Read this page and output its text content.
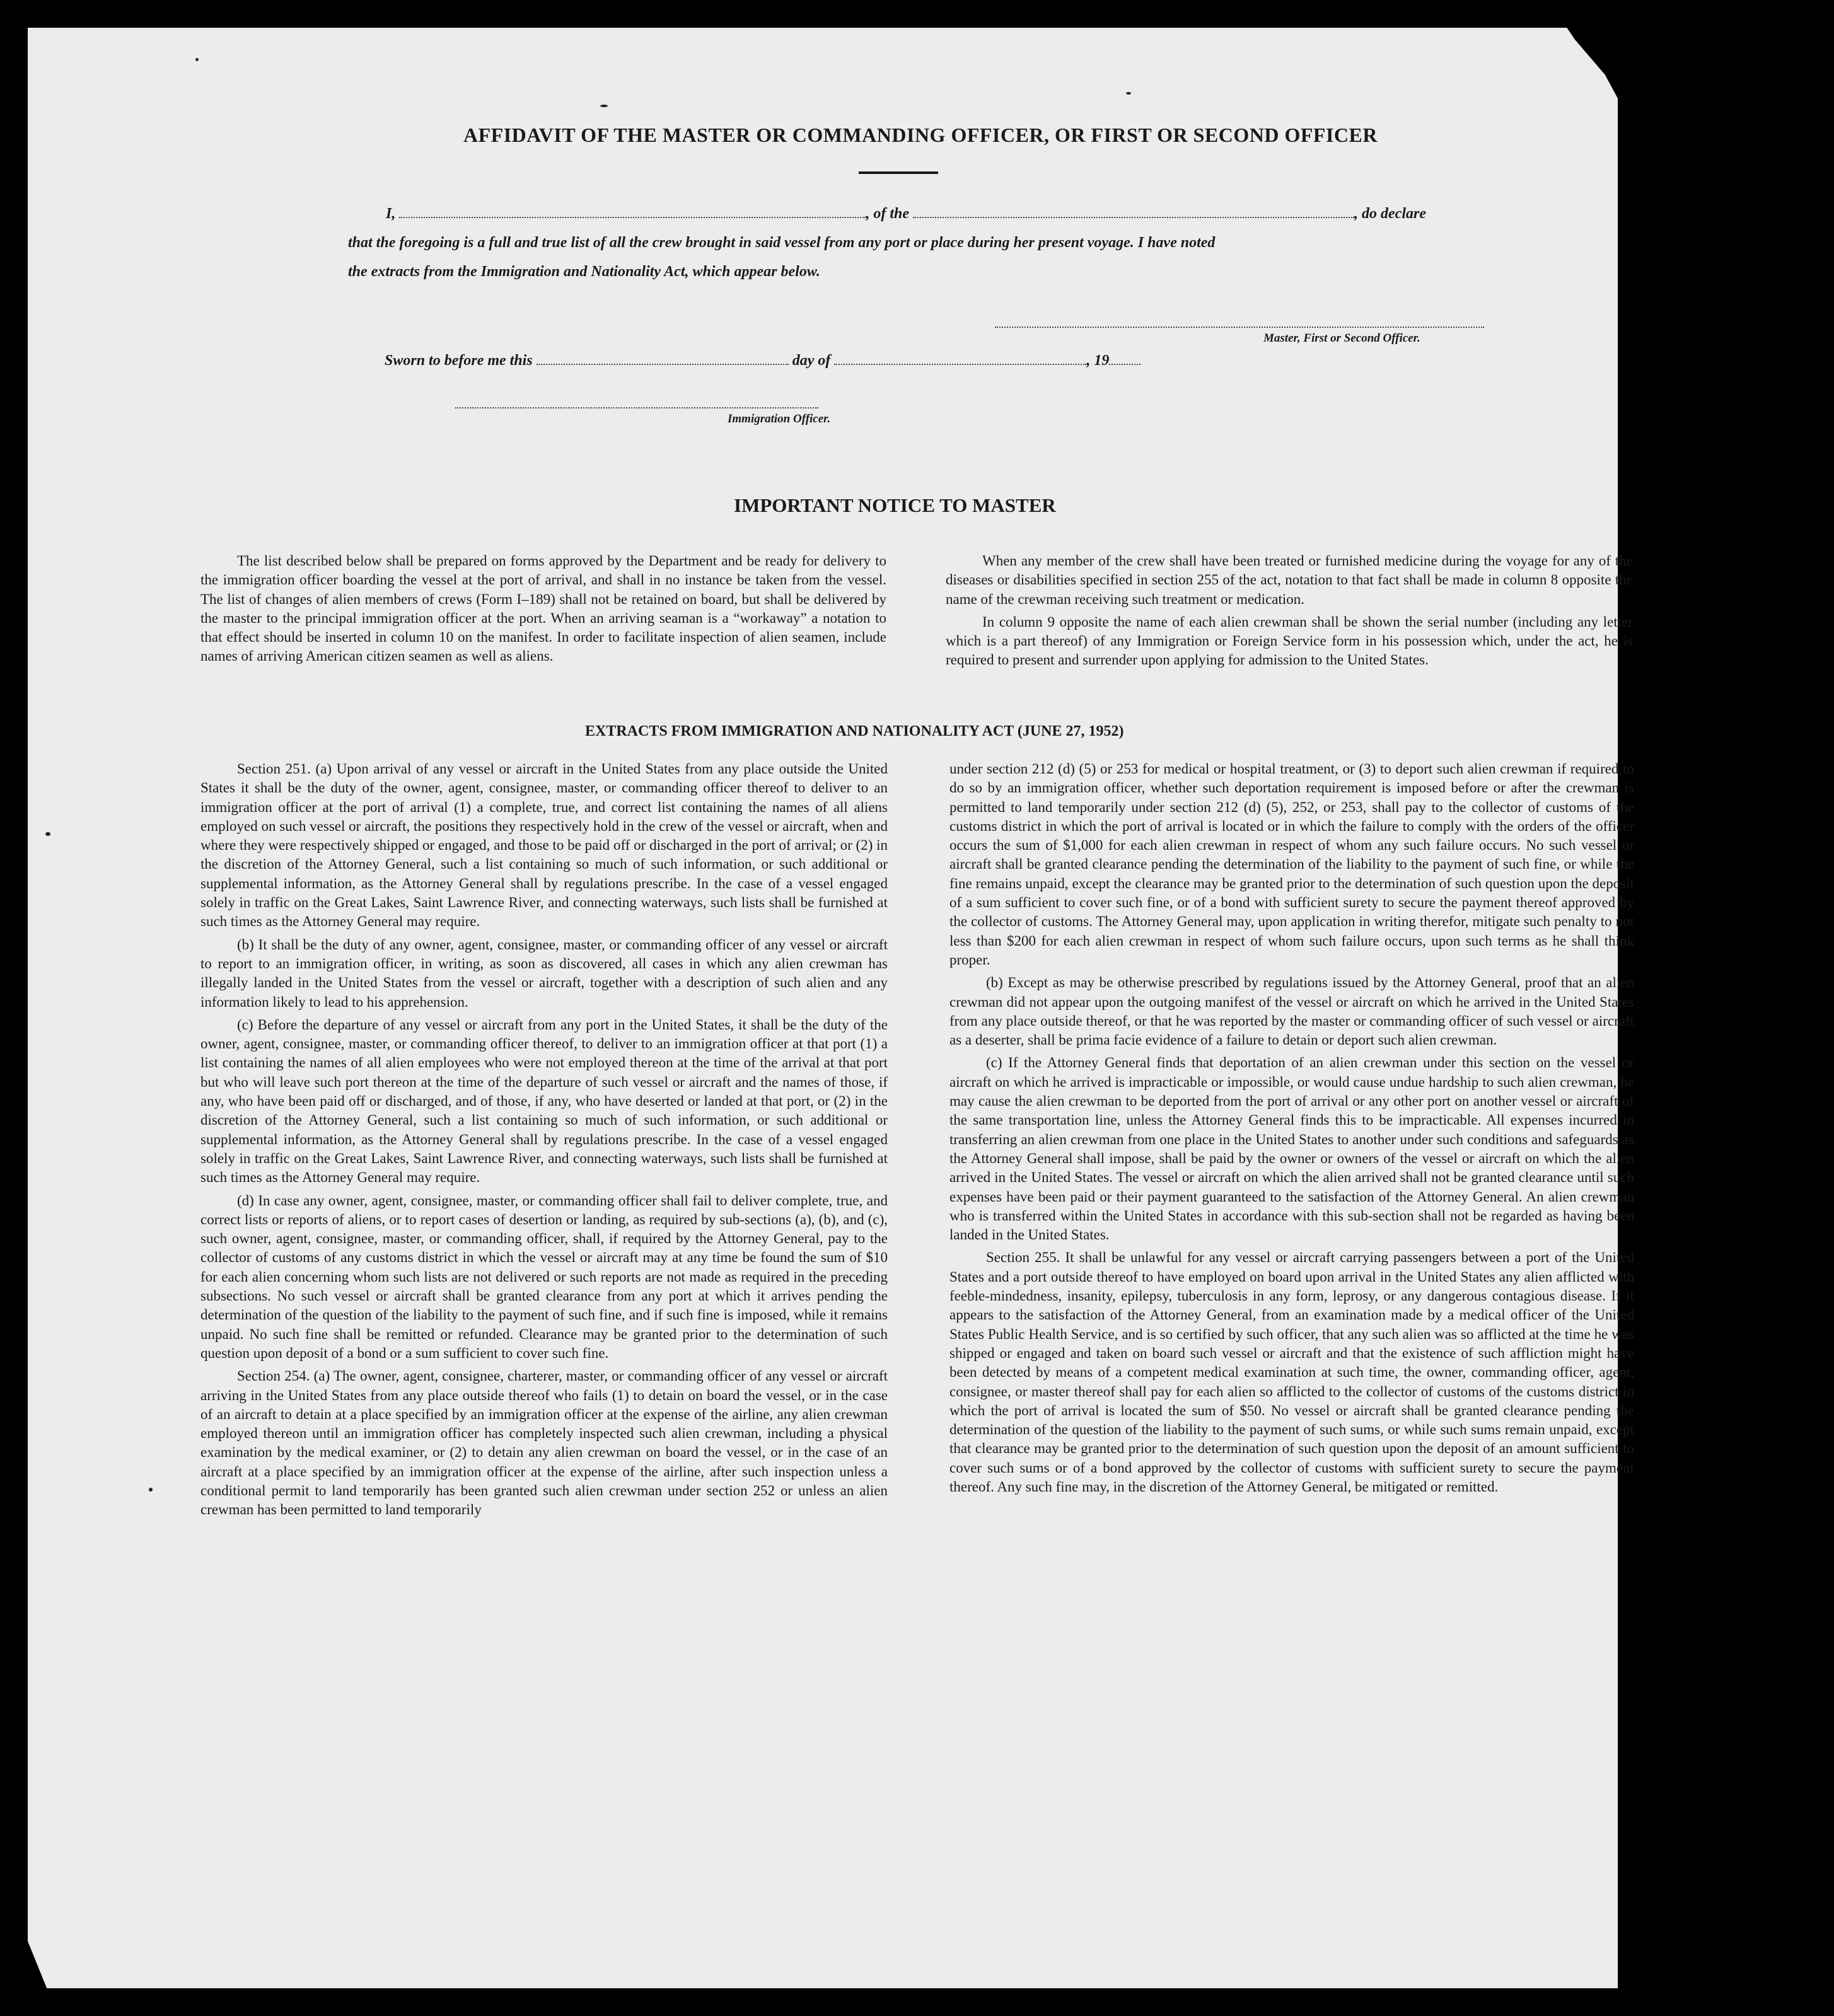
AFFIDAVIT OF THE MASTER OR COMMANDING OFFICER, OR FIRST OR SECOND OFFICER
I,	, of the	, do declare
that the foregoing is a full and true list of all the crew brought in said vessel from any port or place during her present voyage. I have noted
the extracts from the Immigration and Nationality Act, which appear below.
Master, First or Second Officer.
Sworn to before me this	day of	, 19
Immigration Officer.
IMPORTANT NOTICE TO MASTER

The list described below shall be prepared on forms approved by the Department and be ready for delivery to the immigration officer boarding the vessel at the port of arrival, and shall in no instance be taken from the vessel. The list of changes of alien members of crews (Form I–189) shall not be retained on board, but shall be delivered by the master to the principal immigration officer at the port. When an arriving seaman is a “workaway” a notation to that effect should be inserted in column 10 on the manifest. In order to facilitate inspection of alien seamen, include names of arriving American citizen seamen as well as aliens.

When any member of the crew shall have been treated or furnished medicine during the voyage for any of the diseases or disabilities specified in section 255 of the act, notation to that fact shall be made in column 8 opposite the name of the crewman receiving such treatment or medication.

In column 9 opposite the name of each alien crewman shall be shown the serial number (including any letter which is a part thereof) of any Immigration or Foreign Service form in his possession which, under the act, he is required to present and surrender upon applying for admission to the United States.

EXTRACTS FROM IMMIGRATION AND NATIONALITY ACT (JUNE 27, 1952)

Section 251. (a) Upon arrival of any vessel or aircraft in the United States from any place outside the United States it shall be the duty of the owner, agent, consignee, master, or commanding officer thereof to deliver to an immigration officer at the port of arrival (1) a complete, true, and correct list containing the names of all aliens employed on such vessel or aircraft, the positions they respectively hold in the crew of the vessel or aircraft, when and where they were respectively shipped or engaged, and those to be paid off or discharged in the port of arrival; or (2) in the discretion of the Attorney General, such a list containing so much of such information, or such additional or supplemental information, as the Attorney General shall by regulations prescribe. In the case of a vessel engaged solely in traffic on the Great Lakes, Saint Lawrence River, and connecting waterways, such lists shall be furnished at such times as the Attorney General may require.

(b) It shall be the duty of any owner, agent, consignee, master, or commanding officer of any vessel or aircraft to report to an immigration officer, in writing, as soon as discovered, all cases in which any alien crewman has illegally landed in the United States from the vessel or aircraft, together with a description of such alien and any information likely to lead to his apprehension.

(c) Before the departure of any vessel or aircraft from any port in the United States, it shall be the duty of the owner, agent, consignee, master, or commanding officer thereof, to deliver to an immigration officer at that port (1) a list containing the names of all alien employees who were not employed thereon at the time of the arrival at that port but who will leave such port thereon at the time of the departure of such vessel or aircraft and the names of those, if any, who have been paid off or discharged, and of those, if any, who have deserted or landed at that port, or (2) in the discretion of the Attorney General, such a list containing so much of such information, or such additional or supplemental information, as the Attorney General shall by regulations prescribe. In the case of a vessel engaged solely in traffic on the Great Lakes, Saint Lawrence River, and connecting waterways, such lists shall be furnished at such times as the Attorney General may require.

(d) In case any owner, agent, consignee, master, or commanding officer shall fail to deliver complete, true, and correct lists or reports of aliens, or to report cases of desertion or landing, as required by sub-sections (a), (b), and (c), such owner, agent, consignee, master, or commanding officer, shall, if required by the Attorney General, pay to the collector of customs of any customs district in which the vessel or aircraft may at any time be found the sum of $10 for each alien concerning whom such lists are not delivered or such reports are not made as required in the preceding subsections. No such vessel or aircraft shall be granted clearance from any port at which it arrives pending the determination of the question of the liability to the payment of such fine, and if such fine is imposed, while it remains unpaid. No such fine shall be remitted or refunded. Clearance may be granted prior to the determination of such question upon deposit of a bond or a sum sufficient to cover such fine.

Section 254. (a) The owner, agent, consignee, charterer, master, or commanding officer of any vessel or aircraft arriving in the United States from any place outside thereof who fails (1) to detain on board the vessel, or in the case of an aircraft to detain at a place specified by an immigration officer at the expense of the airline, any alien crewman employed thereon until an immigration officer has completely inspected such alien crewman, including a physical examination by the medical examiner, or (2) to detain any alien crewman on board the vessel, or in the case of an aircraft at a place specified by an immigration officer at the expense of the airline, after such inspection unless a conditional permit to land temporarily has been granted such alien crewman under section 252 or unless an alien crewman has been permitted to land temporarily

under section 212 (d) (5) or 253 for medical or hospital treatment, or (3) to deport such alien crewman if required to do so by an immigration officer, whether such deportation requirement is imposed before or after the crewman is permitted to land temporarily under section 212 (d) (5), 252, or 253, shall pay to the collector of customs of the customs district in which the port of arrival is located or in which the failure to comply with the orders of the officer occurs the sum of $1,000 for each alien crewman in respect of whom any such failure occurs. No such vessel or aircraft shall be granted clearance pending the determination of the liability to the payment of such fine, or while the fine remains unpaid, except the clearance may be granted prior to the determination of such question upon the deposit of a sum sufficient to cover such fine, or of a bond with sufficient surety to secure the payment thereof approved by the collector of customs. The Attorney General may, upon application in writing therefor, mitigate such penalty to not less than $200 for each alien crewman in respect of whom such failure occurs, upon such terms as he shall think proper.

(b) Except as may be otherwise prescribed by regulations issued by the Attorney General, proof that an alien crewman did not appear upon the outgoing manifest of the vessel or aircraft on which he arrived in the United States from any place outside thereof, or that he was reported by the master or commanding officer of such vessel or aircraft as a deserter, shall be prima facie evidence of a failure to detain or deport such alien crewman.

(c) If the Attorney General finds that deportation of an alien crewman under this section on the vessel or aircraft on which he arrived is impracticable or impossible, or would cause undue hardship to such alien crewman, he may cause the alien crewman to be deported from the port of arrival or any other port on another vessel or aircraft of the same transportation line, unless the Attorney General finds this to be impracticable. All expenses incurred in transferring an alien crewman from one place in the United States to another under such conditions and safeguards as the Attorney General shall impose, shall be paid by the owner or owners of the vessel or aircraft on which the alien arrived in the United States. The vessel or aircraft on which the alien arrived shall not be granted clearance until such expenses have been paid or their payment guaranteed to the satisfaction of the Attorney General. An alien crewman who is transferred within the United States in accordance with this sub-section shall not be regarded as having been landed in the United States.

Section 255. It shall be unlawful for any vessel or aircraft carrying passengers between a port of the United States and a port outside thereof to have employed on board upon arrival in the United States any alien afflicted with feeble-mindedness, insanity, epilepsy, tuberculosis in any form, leprosy, or any dangerous contagious disease. If it appears to the satisfaction of the Attorney General, from an examination made by a medical officer of the United States Public Health Service, and is so certified by such officer, that any such alien was so afflicted at the time he was shipped or engaged and taken on board such vessel or aircraft and that the existence of such affliction might have been detected by means of a competent medical examination at such time, the owner, commanding officer, agent, consignee, or master thereof shall pay for each alien so afflicted to the collector of customs of the customs district in which the port of arrival is located the sum of $50. No vessel or aircraft shall be granted clearance pending the determination of the question of the liability to the payment of such sums, or while such sums remain unpaid, except that clearance may be granted prior to the determination of such question upon the deposit of an amount sufficient to cover such sums or of a bond approved by the collector of customs with sufficient surety to secure the payment thereof. Any such fine may, in the discretion of the Attorney General, be mitigated or remitted.
